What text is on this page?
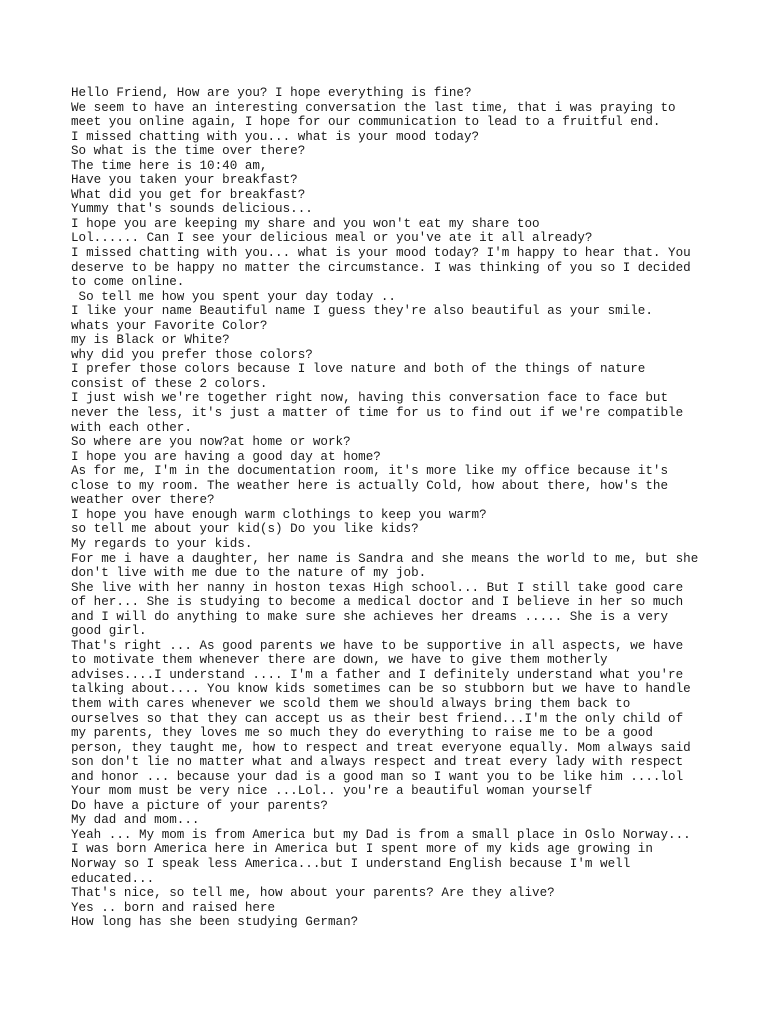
Hello Friend, How are you? I hope everything is fine?
We seem to have an interesting conversation the last time, that i was praying to
meet you online again, I hope for our communication to lead to a fruitful end.
I missed chatting with you... what is your mood today?
So what is the time over there?
The time here is 10:40 am,
Have you taken your breakfast?
What did you get for breakfast?
Yummy that's sounds delicious...
I hope you are keeping my share and you won't eat my share too
Lol...... Can I see your delicious meal or you've ate it all already?
I missed chatting with you... what is your mood today? I'm happy to hear that. You
deserve to be happy no matter the circumstance. I was thinking of you so I decided
to come online.
So tell me how you spent your day today ..
I like your name Beautiful name I guess they're also beautiful as your smile.
whats your Favorite Color?
my is Black or White?
why did you prefer those colors?
I prefer those colors because I love nature and both of the things of nature
consist of these 2 colors.
I just wish we're together right now, having this conversation face to face but
never the less, it's just a matter of time for us to find out if we're compatible
with each other.
So where are you now?at home or work?
I hope you are having a good day at home?
As for me, I'm in the documentation room, it's more like my office because it's
close to my room. The weather here is actually Cold, how about there, how's the
weather over there?
I hope you have enough warm clothings to keep you warm?
so tell me about your kid(s) Do you like kids?
My regards to your kids.
For me i have a daughter, her name is Sandra and she means the world to me, but she
don't live with me due to the nature of my job.
She live with her nanny in hoston texas High school... But I still take good care
of her... She is studying to become a medical doctor and I believe in her so much
and I will do anything to make sure she achieves her dreams ..... She is a very
good girl.
That's right ... As good parents we have to be supportive in all aspects, we have
to motivate them whenever there are down, we have to give them motherly
advises....I understand .... I'm a father and I definitely understand what you're
talking about.... You know kids sometimes can be so stubborn but we have to handle
them with cares whenever we scold them we should always bring them back to
ourselves so that they can accept us as their best friend...I'm the only child of
my parents, they loves me so much they do everything to raise me to be a good
person, they taught me, how to respect and treat everyone equally. Mom always said
son don't lie no matter what and always respect and treat every lady with respect
and honor ... because your dad is a good man so I want you to be like him ....lol
Your mom must be very nice ...Lol.. you're a beautiful woman yourself
Do have a picture of your parents?
My dad and mom...
Yeah ... My mom is from America but my Dad is from a small place in Oslo Norway...
I was born America here in America but I spent more of my kids age growing in
Norway so I speak less America...but I understand English because I'm well
educated...
That's nice, so tell me, how about your parents? Are they alive?
Yes .. born and raised here
How long has she been studying German?
